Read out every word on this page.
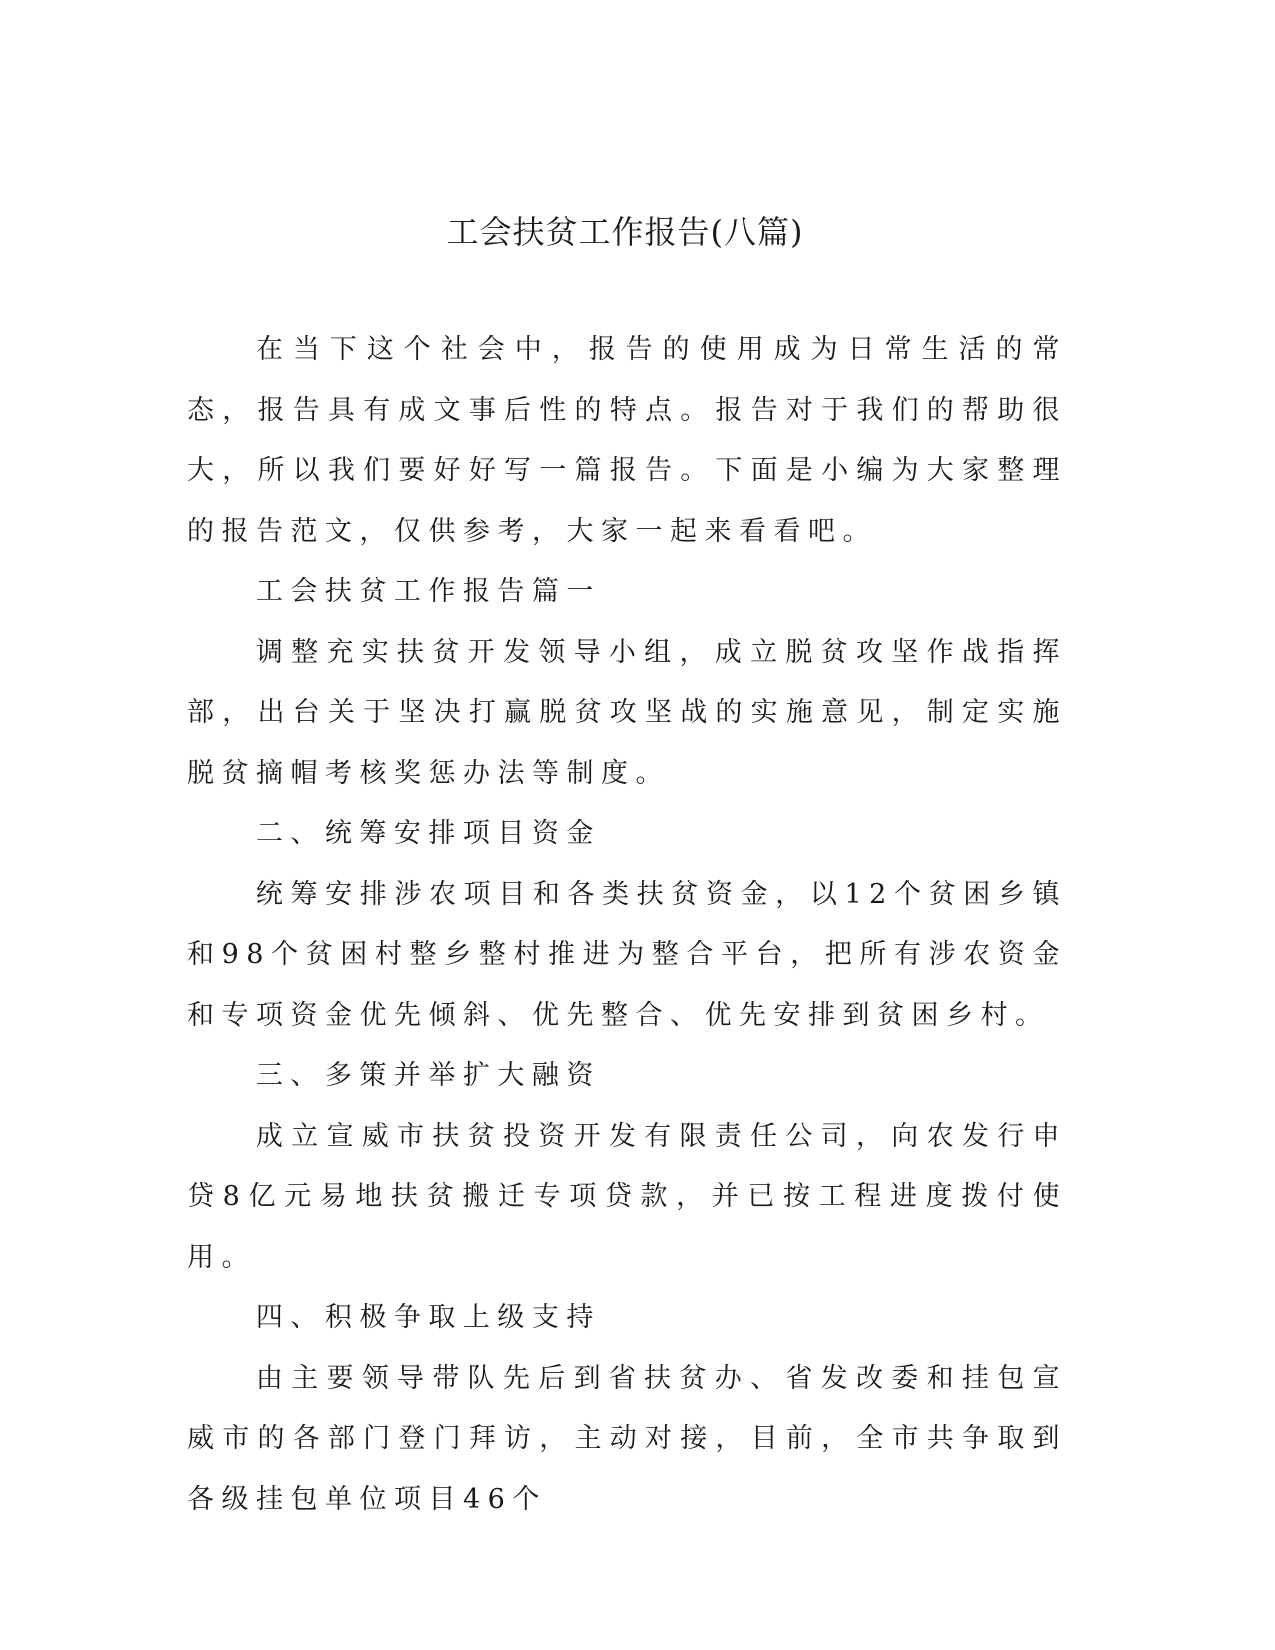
工会扶贫工作报告(八篇)

在当下这个社会中，报告的使用成为日常生活的常态，报告具有成文事后性的特点。报告对于我们的帮助很大，所以我们要好好写一篇报告。下面是小编为大家整理的报告范文，仅供参考，大家一起来看看吧。

工会扶贫工作报告篇一

调整充实扶贫开发领导小组，成立脱贫攻坚作战指挥部，出台关于坚决打赢脱贫攻坚战的实施意见，制定实施脱贫摘帽考核奖惩办法等制度。

二、统筹安排项目资金

统筹安排涉农项目和各类扶贫资金，以12个贫困乡镇和98个贫困村整乡整村推进为整合平台，把所有涉农资金和专项资金优先倾斜、优先整合、优先安排到贫困乡村。

三、多策并举扩大融资

成立宣威市扶贫投资开发有限责任公司，向农发行申贷8亿元易地扶贫搬迁专项贷款，并已按工程进度拨付使用。

四、积极争取上级支持

由主要领导带队先后到省扶贫办、省发改委和挂包宣威市的各部门登门拜访，主动对接，目前，全市共争取到各级挂包单位项目46个
